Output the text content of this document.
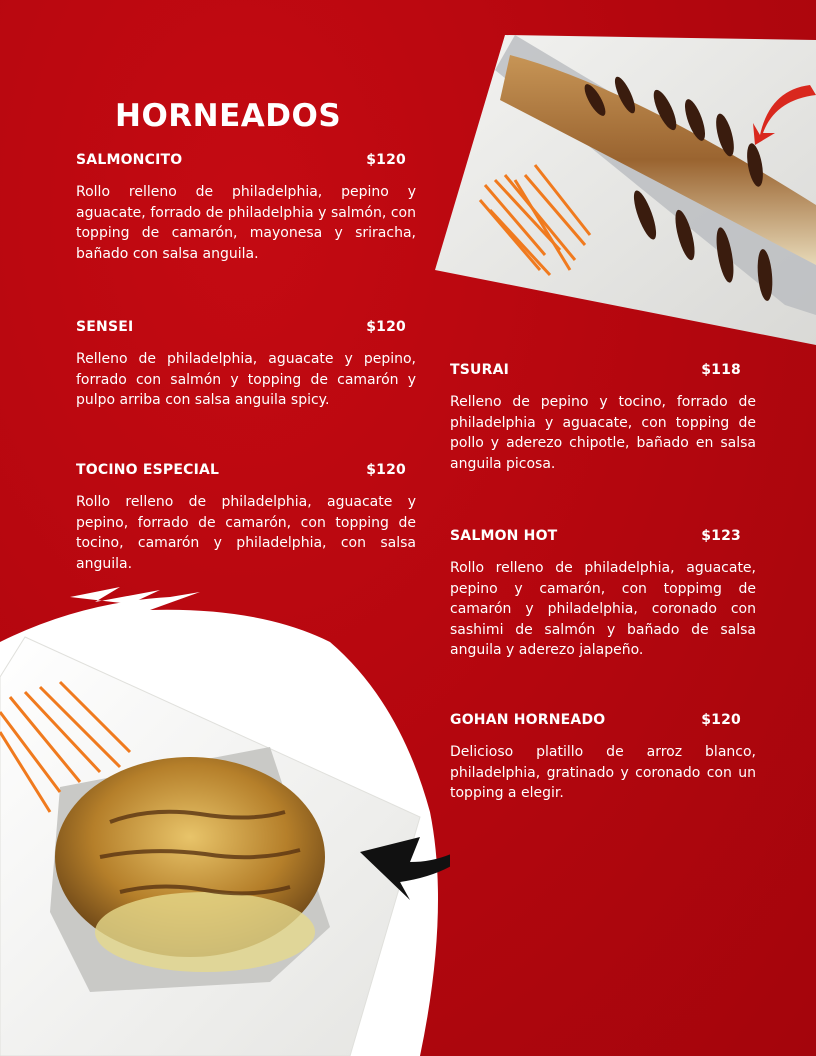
HORNEADOS
SALMONCITO	$120
Rollo relleno de philadelphia, pepino y aguacate, forrado de philadelphia y salmón, con topping de camarón, mayonesa y sriracha, bañado con salsa anguila.
SENSEI	$120
Relleno de philadelphia, aguacate y pepino, forrado con salmón y topping de camarón y pulpo arriba con salsa anguila spicy.
TOCINO ESPECIAL	$120
Rollo relleno de philadelphia, aguacate y pepino, forrado de camarón, con topping de tocino, camarón y philadelphia, con salsa anguila.
TSURAI	$118
Relleno de pepino y tocino, forrado de philadelphia y aguacate, con topping de pollo y aderezo chipotle, bañado en salsa anguila picosa.
SALMON HOT	$123
Rollo relleno de philadelphia, aguacate, pepino y camarón, con toppimg de camarón y philadelphia, coronado con sashimi de salmón y bañado de salsa anguila y aderezo jalapeño.
GOHAN HORNEADO	$120
Delicioso platillo de arroz blanco, philadelphia, gratinado y coronado con un topping a elegir.
